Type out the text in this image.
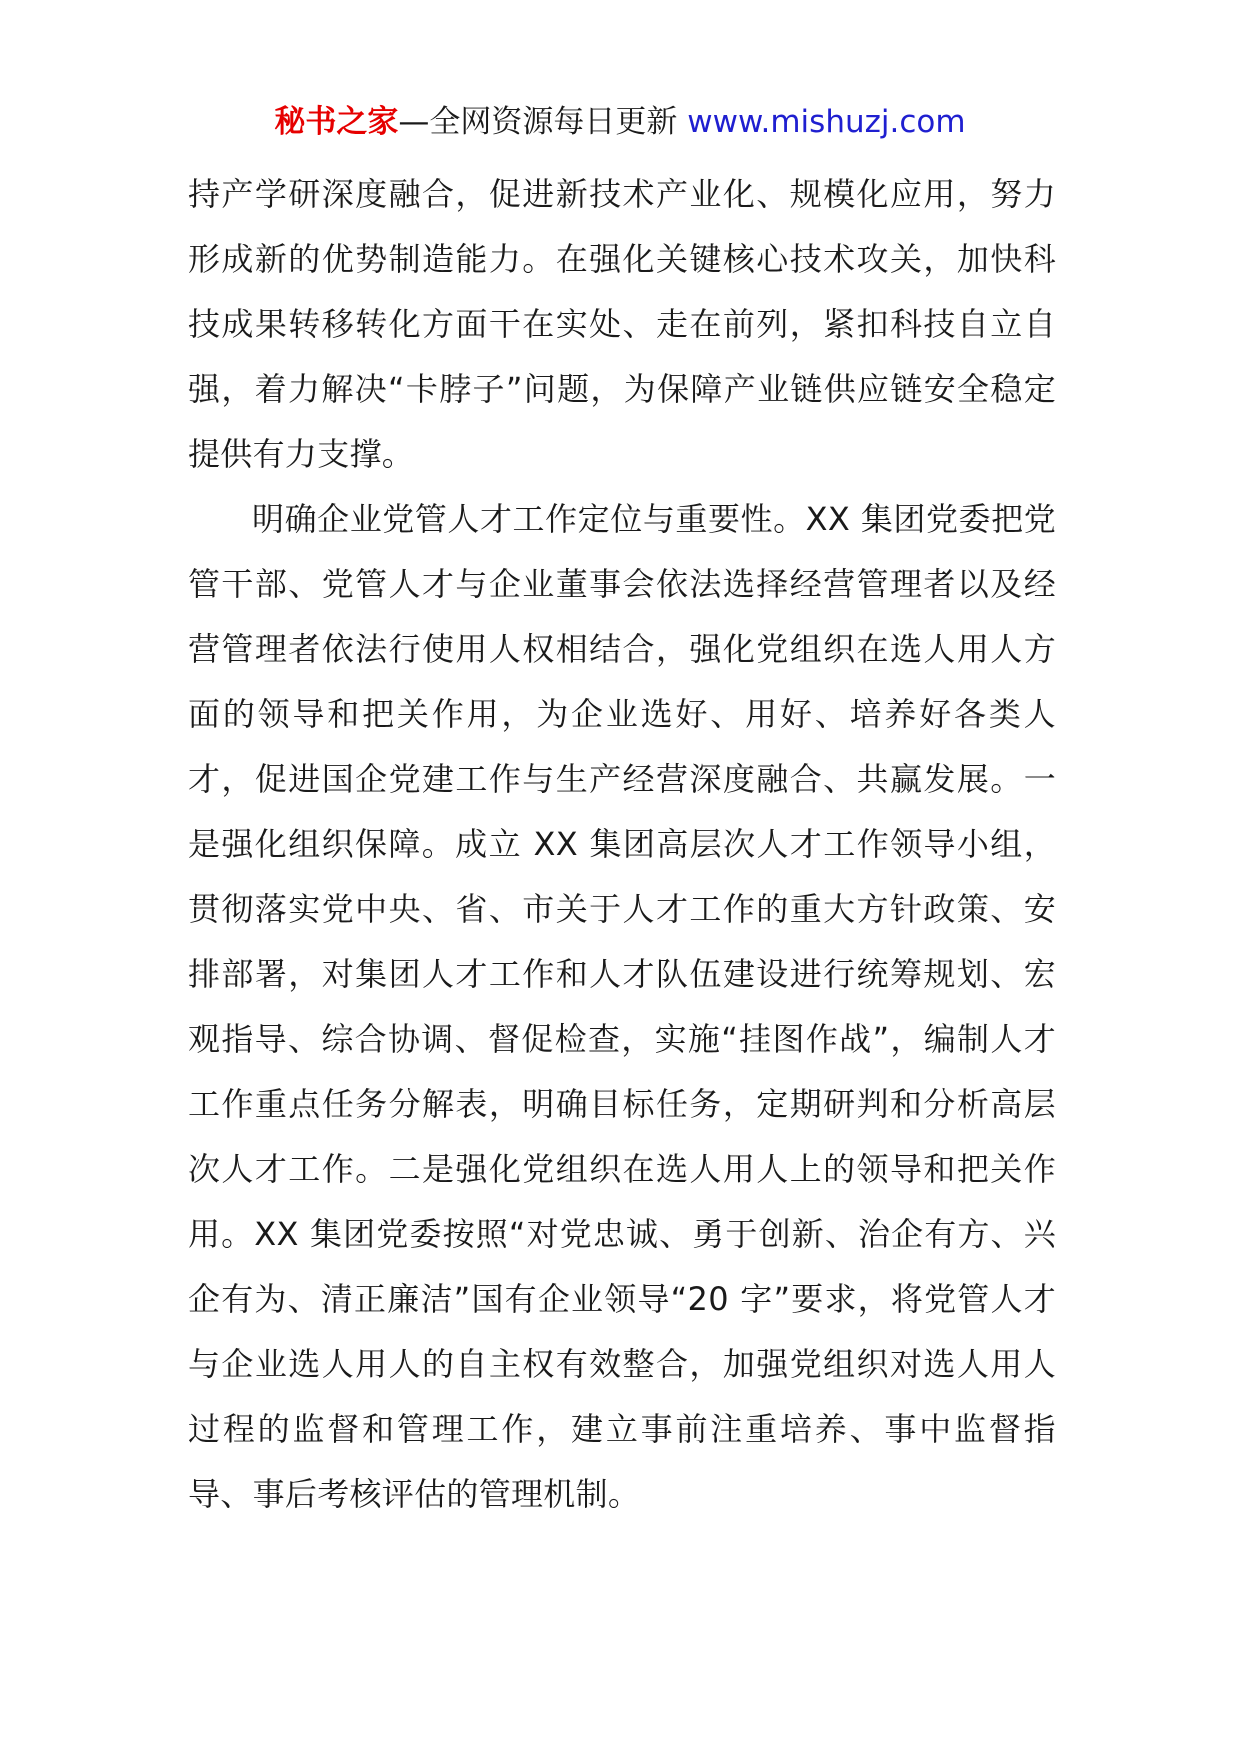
秘书之家—全网资源每日更新 www.mishuzj.com

持产学研深度融合，促进新技术产业化、规模化应用，努力形成新的优势制造能力。在强化关键核心技术攻关，加快科技成果转移转化方面干在实处、走在前列，紧扣科技自立自强，着力解决“卡脖子”问题，为保障产业链供应链安全稳定提供有力支撑。

明确企业党管人才工作定位与重要性。XX 集团党委把党管干部、党管人才与企业董事会依法选择经营管理者以及经营管理者依法行使用人权相结合，强化党组织在选人用人方面的领导和把关作用，为企业选好、用好、培养好各类人才，促进国企党建工作与生产经营深度融合、共赢发展。一是强化组织保障。成立 XX 集团高层次人才工作领导小组，贯彻落实党中央、省、市关于人才工作的重大方针政策、安排部署，对集团人才工作和人才队伍建设进行统筹规划、宏观指导、综合协调、督促检查，实施“挂图作战”，编制人才工作重点任务分解表，明确目标任务，定期研判和分析高层次人才工作。二是强化党组织在选人用人上的领导和把关作用。XX 集团党委按照“对党忠诚、勇于创新、治企有方、兴企有为、清正廉洁”国有企业领导“20 字”要求，将党管人才与企业选人用人的自主权有效整合，加强党组织对选人用人过程的监督和管理工作，建立事前注重培养、事中监督指导、事后考核评估的管理机制。
